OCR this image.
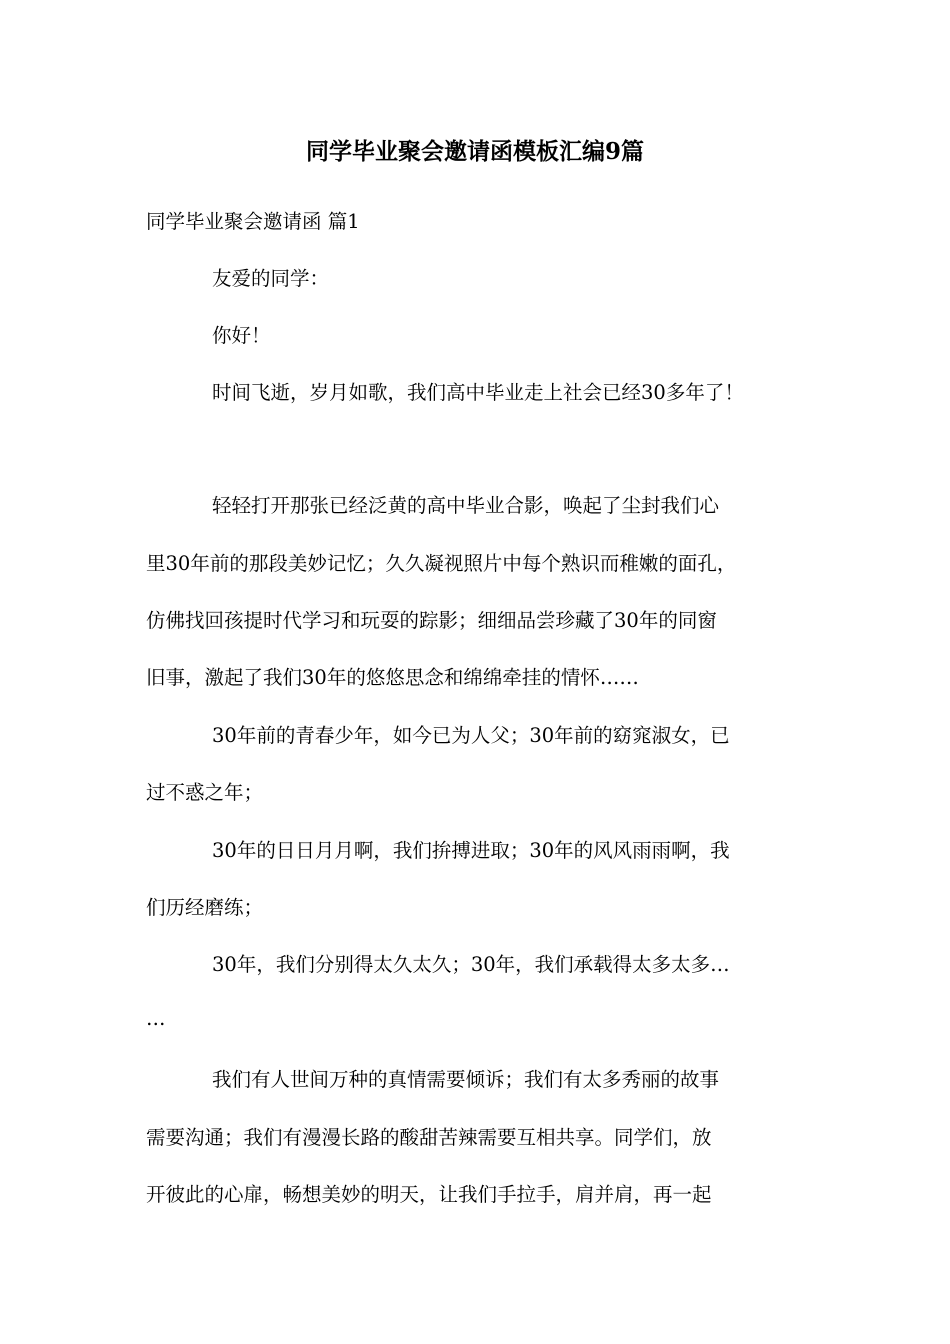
同学毕业聚会邀请函模板汇编9篇

同学毕业聚会邀请函 篇1

友爱的同学：

你好！

时间飞逝，岁月如歌，我们高中毕业走上社会已经30多年了！

轻轻打开那张已经泛黄的高中毕业合影，唤起了尘封我们心

里30年前的那段美妙记忆；久久凝视照片中每个熟识而稚嫩的面孔，

仿佛找回孩提时代学习和玩耍的踪影；细细品尝珍藏了30年的同窗

旧事，激起了我们30年的悠悠思念和绵绵牵挂的情怀……

30年前的青春少年，如今已为人父；30年前的窈窕淑女，已

过不惑之年；

30年的日日月月啊，我们拚搏进取；30年的风风雨雨啊，我

们历经磨练；

30年，我们分别得太久太久；30年，我们承载得太多太多…

…

我们有人世间万种的真情需要倾诉；我们有太多秀丽的故事

需要沟通；我们有漫漫长路的酸甜苦辣需要互相共享。同学们，放

开彼此的心扉，畅想美妙的明天，让我们手拉手，肩并肩，再一起
